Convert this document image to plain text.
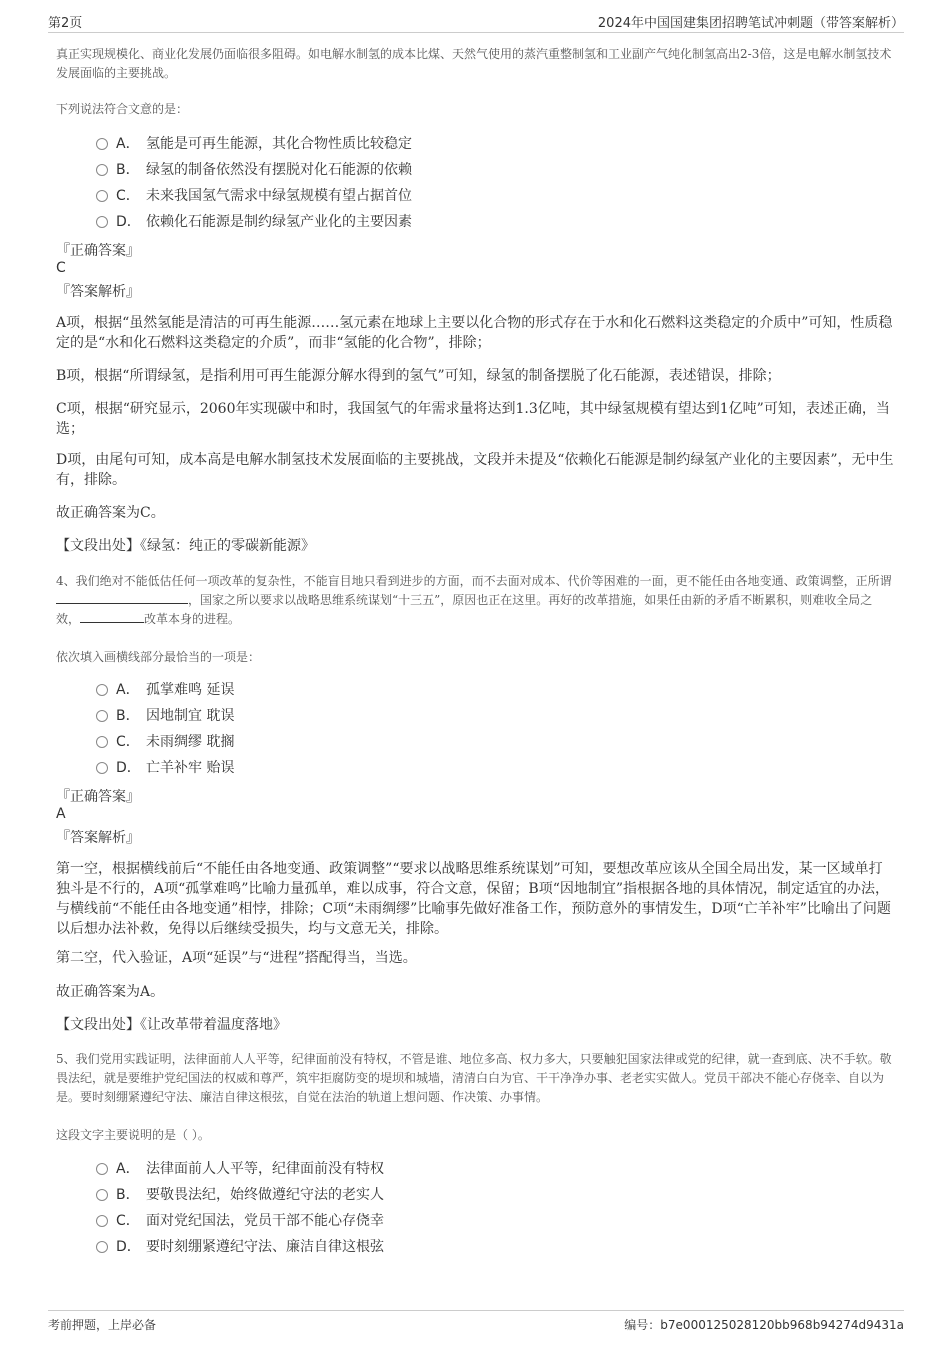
第2页	2024年中国国建集团招聘笔试冲刺题（带答案解析）
真正实现规模化、商业化发展仍面临很多阻碍。如电解水制氢的成本比煤、天然气使用的蒸汽重整制氢和工业副产气纯化制氢高出2-3倍，这是电解水制氢技术发展面临的主要挑战。
下列说法符合文意的是：
A． 氢能是可再生能源，其化合物性质比较稳定
B． 绿氢的制备依然没有摆脱对化石能源的依赖
C． 未来我国氢气需求中绿氢规模有望占据首位
D． 依赖化石能源是制约绿氢产业化的主要因素
『正确答案』
C
『答案解析』
A项，根据“虽然氢能是清洁的可再生能源……氢元素在地球上主要以化合物的形式存在于水和化石燃料这类稳定的介质中”可知，性质稳定的是“水和化石燃料这类稳定的介质”，而非“氢能的化合物”，排除；
B项，根据“所谓绿氢，是指利用可再生能源分解水得到的氢气”可知，绿氢的制备摆脱了化石能源，表述错误，排除；
C项，根据“研究显示，2060年实现碳中和时，我国氢气的年需求量将达到1.3亿吨，其中绿氢规模有望达到1亿吨”可知，表述正确，当选；
D项，由尾句可知，成本高是电解水制氢技术发展面临的主要挑战，文段并未提及“依赖化石能源是制约绿氢产业化的主要因素”，无中生有，排除。
故正确答案为C。
【文段出处】《绿氢：纯正的零碳新能源》
4、我们绝对不能低估任何一项改革的复杂性，不能盲目地只看到进步的方面，而不去面对成本、代价等困难的一面，更不能任由各地变通、政策调整，正所谓，国家之所以要求以战略思维系统谋划“十三五”，原因也正在这里。再好的改革措施，如果任由新的矛盾不断累积，则难收全局之效，	改革本身的进程。
依次填入画横线部分最恰当的一项是：
A． 孤掌难鸣 延误
B． 因地制宜 耽误
C． 未雨绸缪 耽搁
D． 亡羊补牢 贻误
『正确答案』
A
『答案解析』
第一空，根据横线前后“不能任由各地变通、政策调整”“要求以战略思维系统谋划”可知，要想改革应该从全国全局出发，某一区域单打独斗是不行的，A项“孤掌难鸣”比喻力量孤单，难以成事，符合文意，保留；B项“因地制宜”指根据各地的具体情况，制定适宜的办法，与横线前“不能任由各地变通”相悖，排除；C项“未雨绸缪”比喻事先做好准备工作，预防意外的事情发生，D项“亡羊补牢”比喻出了问题以后想办法补救，免得以后继续受损失，均与文意无关，排除。
第二空，代入验证，A项“延误”与“进程”搭配得当，当选。
故正确答案为A。
【文段出处】《让改革带着温度落地》
5、我们党用实践证明，法律面前人人平等，纪律面前没有特权，不管是谁、地位多高、权力多大，只要触犯国家法律或党的纪律，就一查到底、决不手软。敬畏法纪，就是要维护党纪国法的权威和尊严，筑牢拒腐防变的堤坝和城墙，清清白白为官、干干净净办事、老老实实做人。党员干部决不能心存侥幸、自以为是。要时刻绷紧遵纪守法、廉洁自律这根弦，自觉在法治的轨道上想问题、作决策、办事情。
这段文字主要说明的是（ ）。
A． 法律面前人人平等，纪律面前没有特权
B． 要敬畏法纪，始终做遵纪守法的老实人
C． 面对党纪国法，党员干部不能心存侥幸
D． 要时刻绷紧遵纪守法、廉洁自律这根弦
考前押题，上岸必备	编号：b7e000125028120bb968b94274d9431a
